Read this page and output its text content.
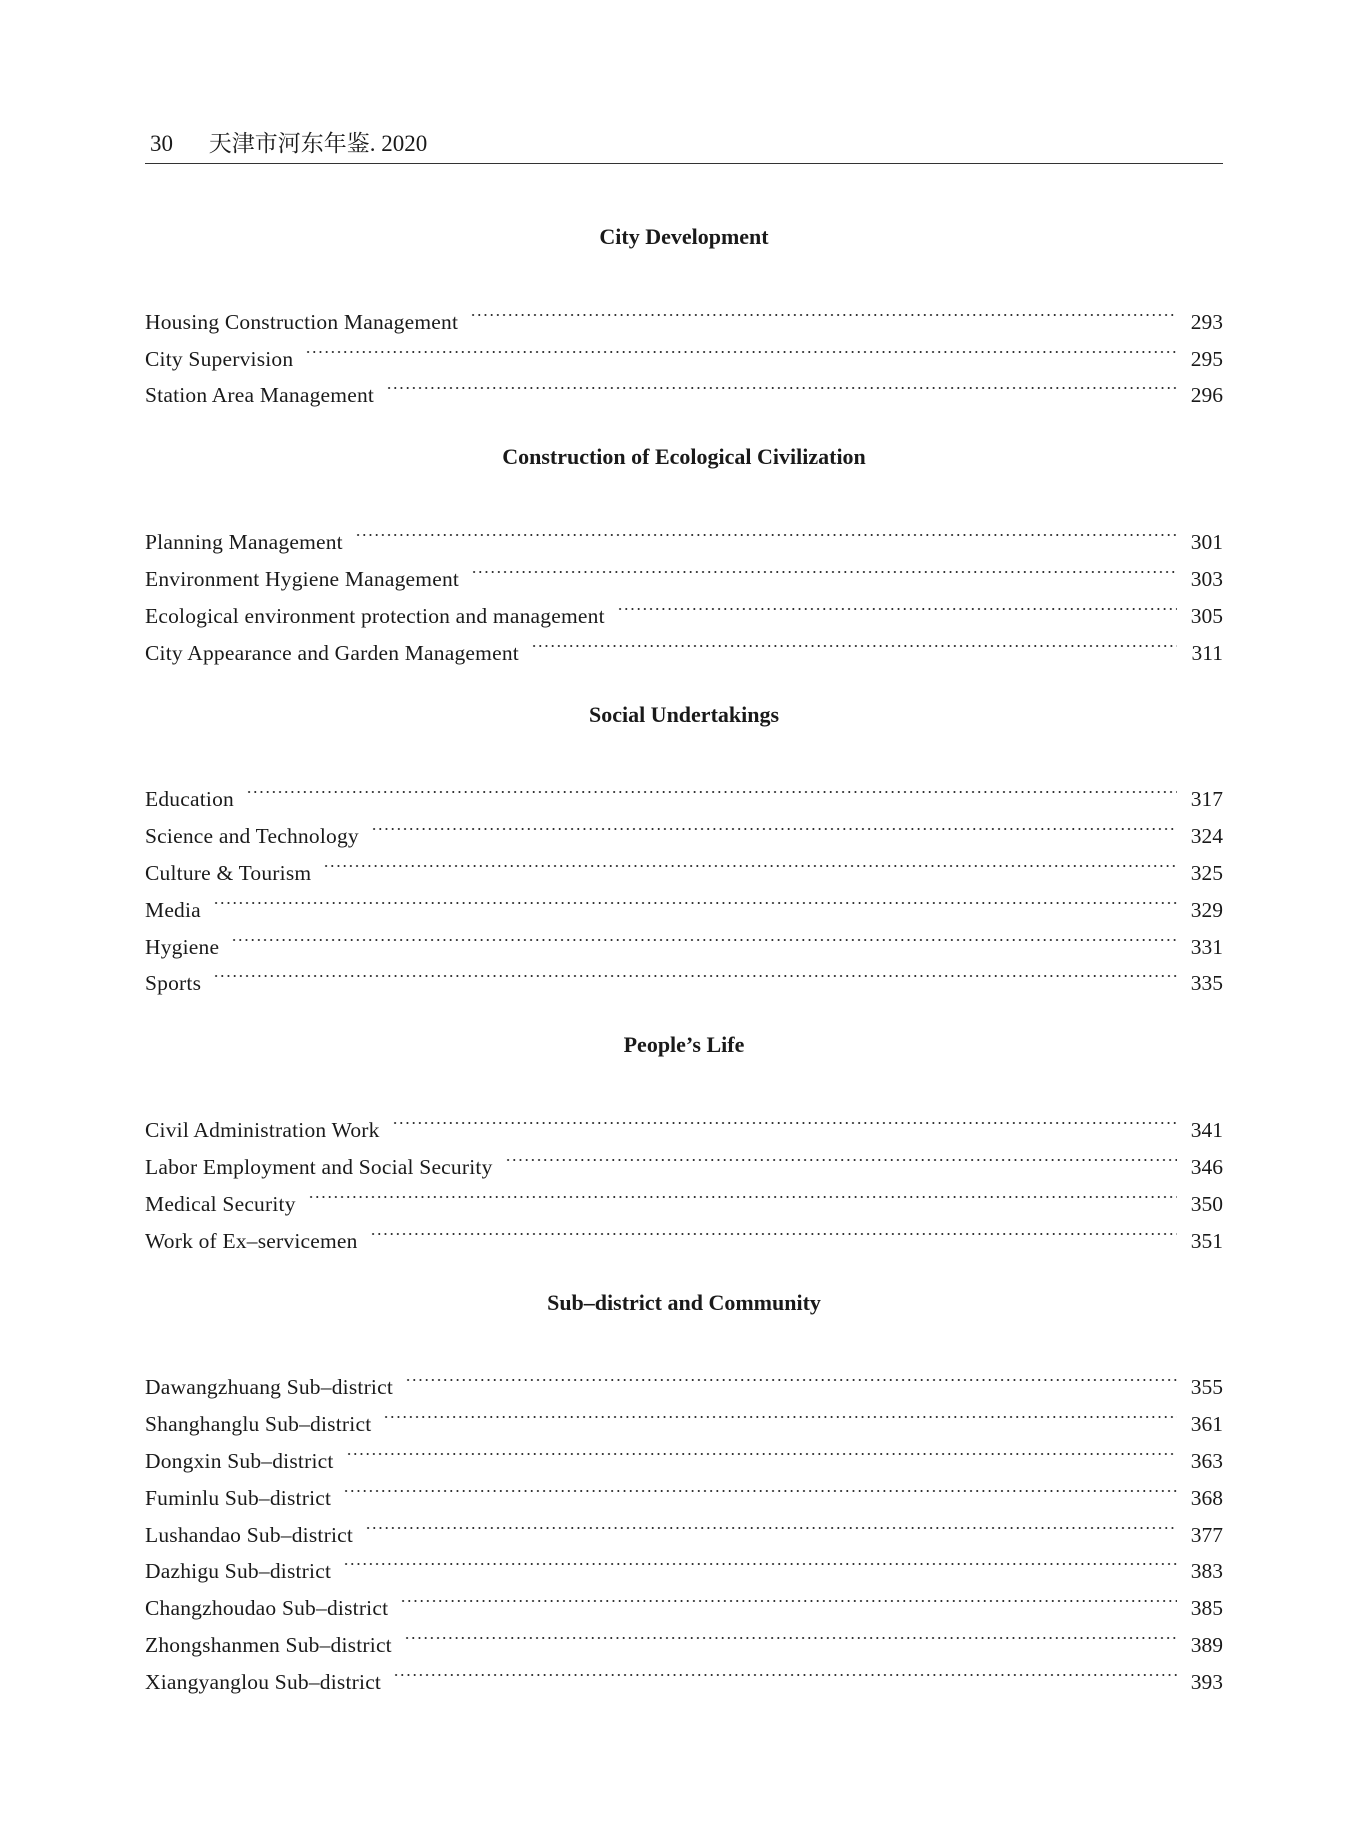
30 天津市河东年鉴. 2020
City Development
Housing Construction Management	293
City Supervision	295
Station Area Management	296
Construction of Ecological Civilization
Planning Management	301
Environment Hygiene Management	303
Ecological environment protection and management	305
City Appearance and Garden Management	311
Social Undertakings
Education	317
Science and Technology	324
Culture & Tourism	325
Media	329
Hygiene	331
Sports	335
People’s Life
Civil Administration Work	341
Labor Employment and Social Security	346
Medical Security	350
Work of Ex–servicemen	351
Sub–district and Community
Dawangzhuang Sub–district	355
Shanghanglu Sub–district	361
Dongxin Sub–district	363
Fuminlu Sub–district	368
Lushandao Sub–district	377
Dazhigu Sub–district	383
Changzhoudao Sub–district	385
Zhongshanmen Sub–district	389
Xiangyanglou Sub–district	393
